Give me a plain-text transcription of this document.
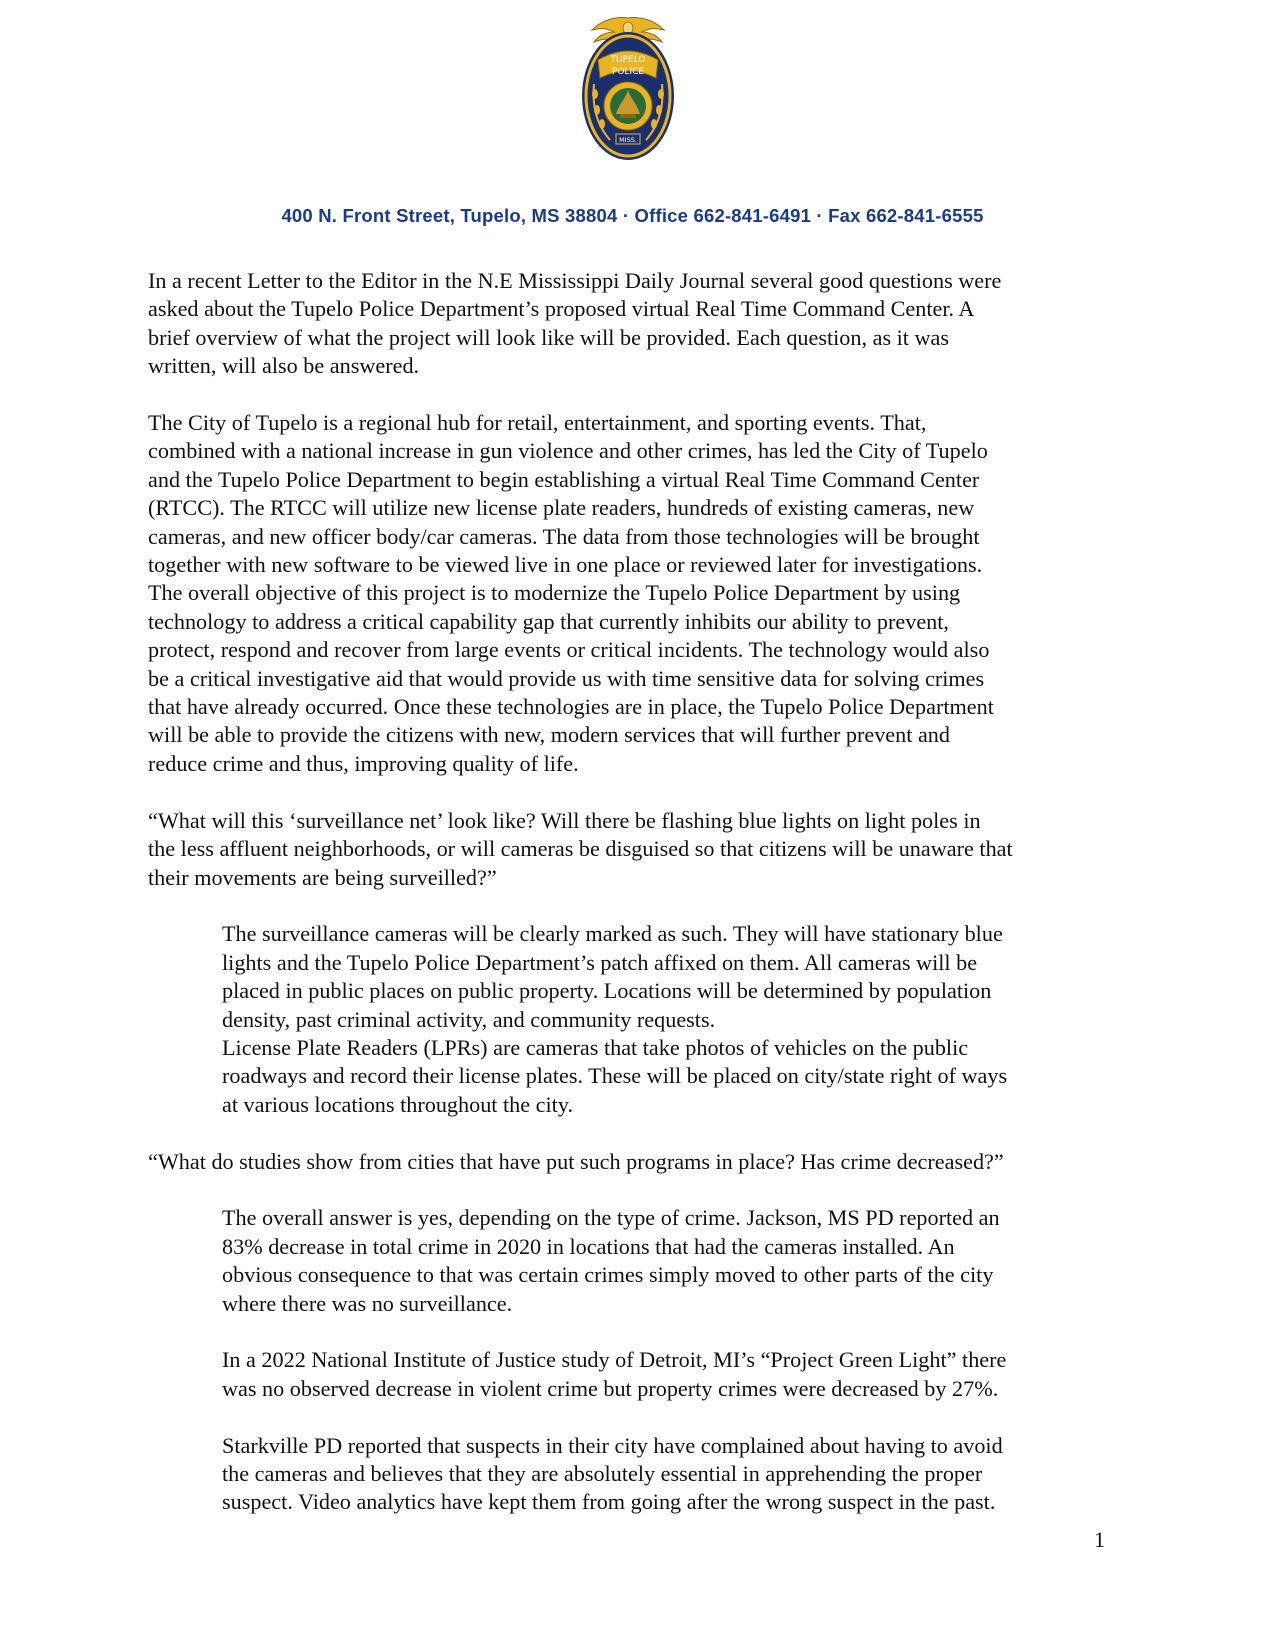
TUPELO
POLICE
MISS.
400 N. Front Street, Tupelo, MS 38804 · Office 662-841-6491 · Fax 662-841-6555

In a recent Letter to the Editor in the N.E Mississippi Daily Journal several good questions were
asked about the Tupelo Police Department’s proposed virtual Real Time Command Center. A
brief overview of what the project will look like will be provided. Each question, as it was
written, will also be answered.

The City of Tupelo is a regional hub for retail, entertainment, and sporting events. That,
combined with a national increase in gun violence and other crimes, has led the City of Tupelo
and the Tupelo Police Department to begin establishing a virtual Real Time Command Center
(RTCC). The RTCC will utilize new license plate readers, hundreds of existing cameras, new
cameras, and new officer body/car cameras. The data from those technologies will be brought
together with new software to be viewed live in one place or reviewed later for investigations.
The overall objective of this project is to modernize the Tupelo Police Department by using
technology to address a critical capability gap that currently inhibits our ability to prevent,
protect, respond and recover from large events or critical incidents. The technology would also
be a critical investigative aid that would provide us with time sensitive data for solving crimes
that have already occurred. Once these technologies are in place, the Tupelo Police Department
will be able to provide the citizens with new, modern services that will further prevent and
reduce crime and thus, improving quality of life.

“What will this ‘surveillance net’ look like? Will there be flashing blue lights on light poles in
the less affluent neighborhoods, or will cameras be disguised so that citizens will be unaware that
their movements are being surveilled?”

The surveillance cameras will be clearly marked as such. They will have stationary blue
lights and the Tupelo Police Department’s patch affixed on them. All cameras will be
placed in public places on public property. Locations will be determined by population
density, past criminal activity, and community requests.

License Plate Readers (LPRs) are cameras that take photos of vehicles on the public
roadways and record their license plates. These will be placed on city/state right of ways
at various locations throughout the city.

“What do studies show from cities that have put such programs in place? Has crime decreased?”

The overall answer is yes, depending on the type of crime. Jackson, MS PD reported an
83% decrease in total crime in 2020 in locations that had the cameras installed. An
obvious consequence to that was certain crimes simply moved to other parts of the city
where there was no surveillance.

In a 2022 National Institute of Justice study of Detroit, MI’s “Project Green Light” there
was no observed decrease in violent crime but property crimes were decreased by 27%.

Starkville PD reported that suspects in their city have complained about having to avoid
the cameras and believes that they are absolutely essential in apprehending the proper
suspect. Video analytics have kept them from going after the wrong suspect in the past.

1
